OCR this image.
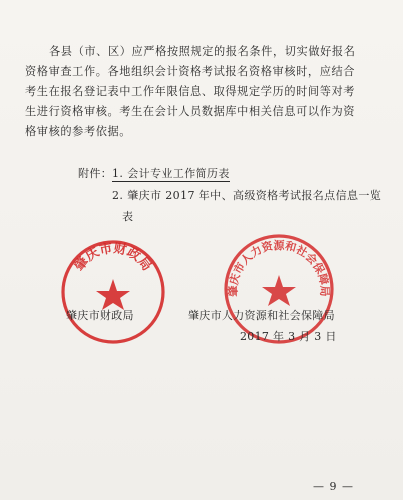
各县（市、区）应严格按照规定的报名条件，切实做好报名
资格审查工作。各地组织会计资格考试报名资格审核时，应结合
考生在报名登记表中工作年限信息、取得规定学历的时间等对考
生进行资格审核。考生在会计人员数据库中相关信息可以作为资
格审核的参考依据。
附件： 1. 会计专业工作简历表
2. 肇庆市 2017 年中、高级资格考试报名点信息一览
表
肇庆市财政局
肇庆市人力资源和社会保障局
肇庆市财政局	肇庆市人力资源和社会保障局
2017 年 3 月 3 日
— 9 —
